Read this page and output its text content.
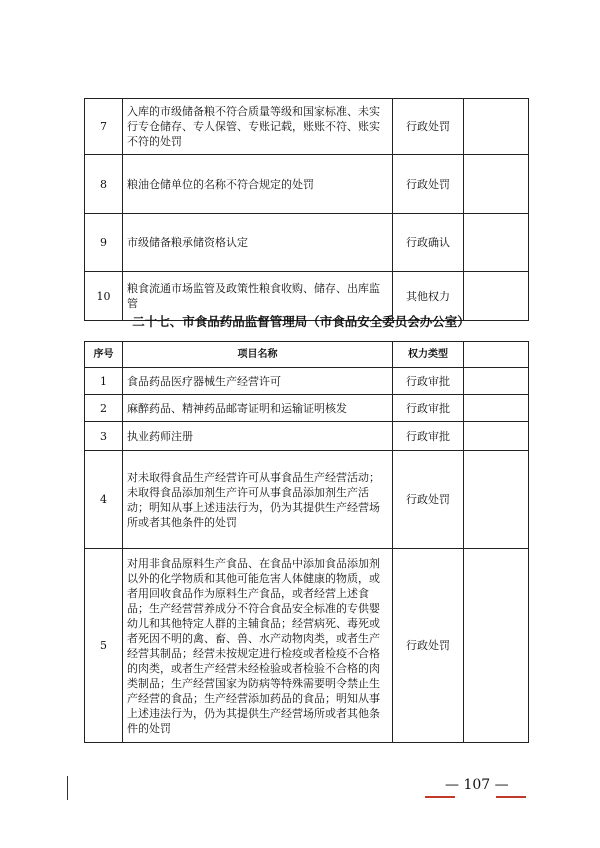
7	入库的市级储备粮不符合质量等级和国家标准、未实行专仓储存、专人保管、专账记载，账账不符、账实不符的处罚	行政处罚	
8	粮油仓储单位的名称不符合规定的处罚	行政处罚	
9	市级储备粮承储资格认定	行政确认	
10	粮食流通市场监管及政策性粮食收购、储存、出库监管	其他权力	
二十七、市食品药品监督管理局（市食品安全委员会办公室）
序号	项目名称	权力类型	
1	食品药品医疗器械生产经营许可	行政审批	
2	麻醉药品、精神药品邮寄证明和运输证明核发	行政审批	
3	执业药师注册	行政审批	
4	对未取得食品生产经营许可从事食品生产经营活动；未取得食品添加剂生产许可从事食品添加剂生产活动；明知从事上述违法行为，仍为其提供生产经营场所或者其他条件的处罚	行政处罚	
5	对用非食品原料生产食品、在食品中添加食品添加剂以外的化学物质和其他可能危害人体健康的物质，或者用回收食品作为原料生产食品，或者经营上述食品；生产经营营养成分不符合食品安全标准的专供婴幼儿和其他特定人群的主辅食品；经营病死、毒死或者死因不明的禽、畜、兽、水产动物肉类，或者生产经营其制品；经营未按规定进行检疫或者检疫不合格的肉类，或者生产经营未经检验或者检验不合格的肉类制品；生产经营国家为防病等特殊需要明令禁止生产经营的食品；生产经营添加药品的食品；明知从事上述违法行为，仍为其提供生产经营场所或者其他条件的处罚	行政处罚	
— 107 —
